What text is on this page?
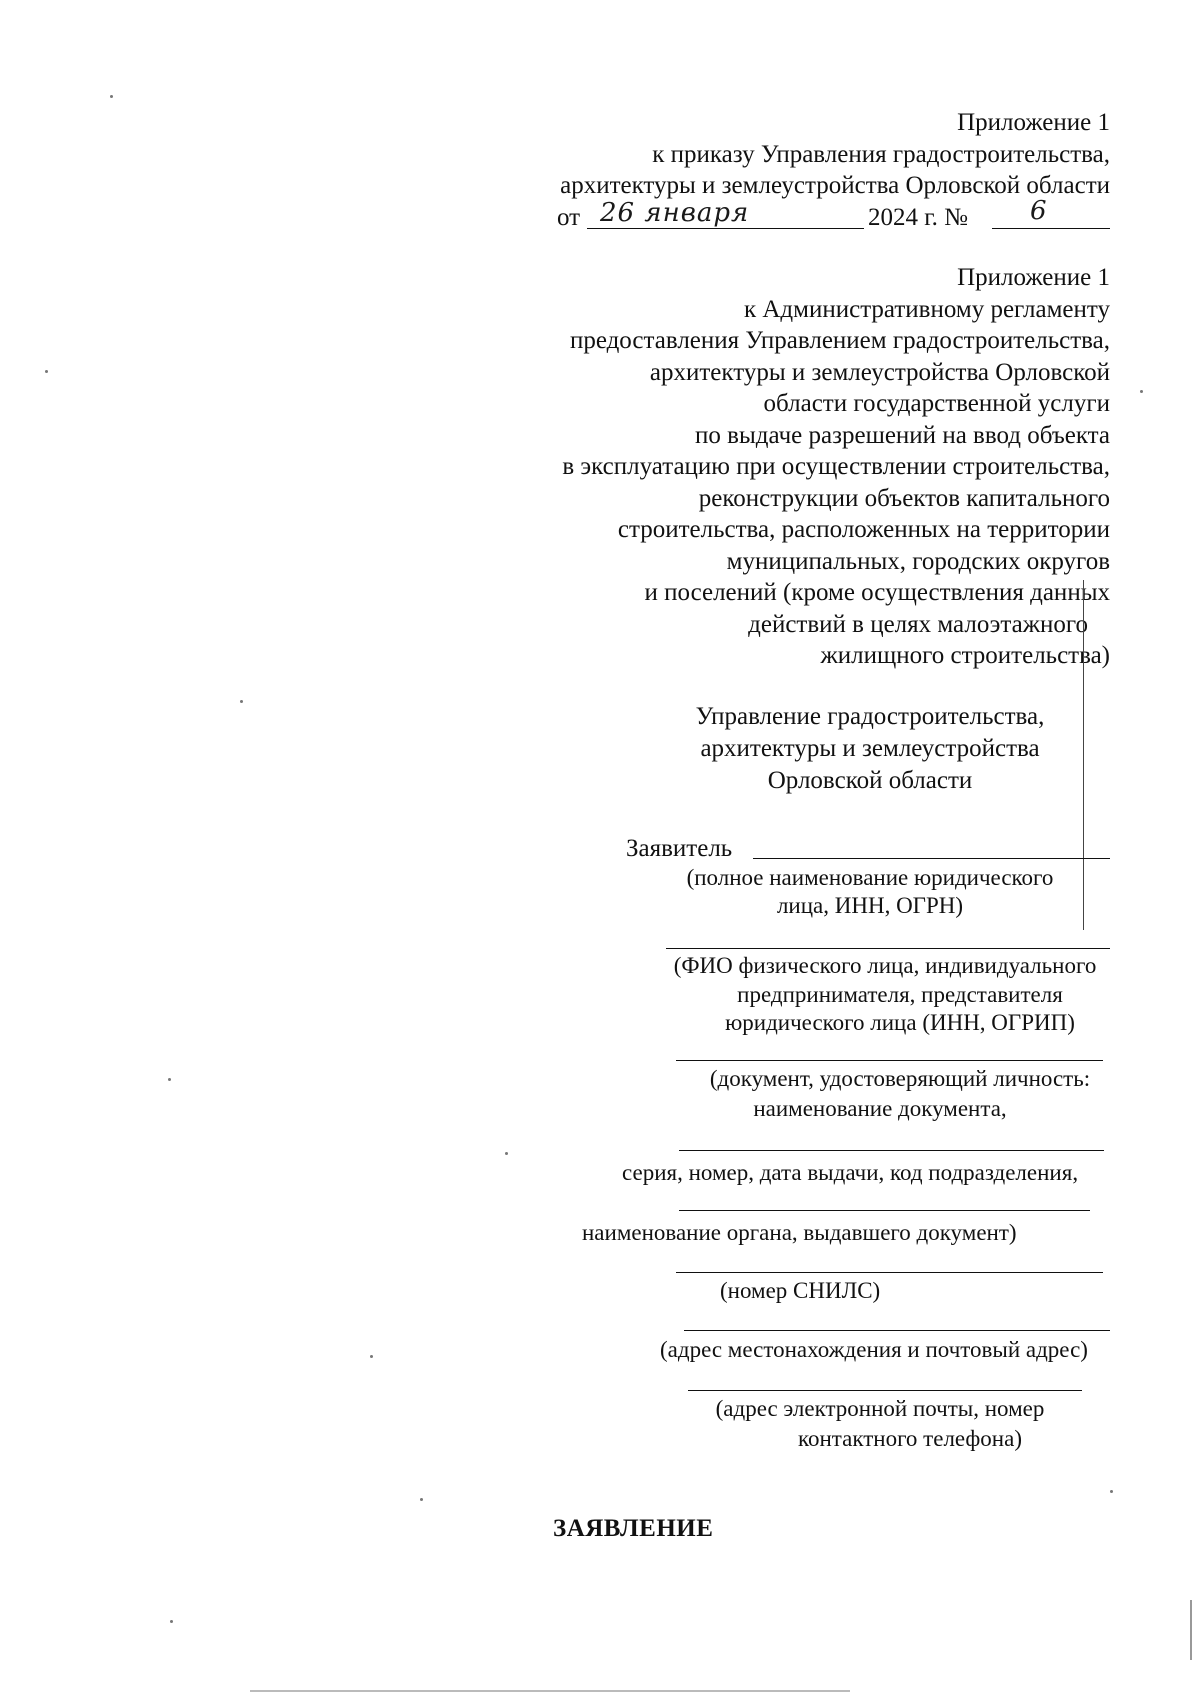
Приложение 1
к приказу Управления градостроительства,
архитектуры и землеустройства Орловской области
от 26 января	2024 г. № 6
Приложение 1
к Административному регламенту
предоставления Управлением градостроительства,
архитектуры и землеустройства Орловской
области государственной услуги
по выдаче разрешений на ввод объекта
в эксплуатацию при осуществлении строительства,
реконструкции объектов капитального
строительства, расположенных на территории
муниципальных, городских округов
и поселений (кроме осуществления данных
действий в целях малоэтажного
жилищного строительства)
Управление градостроительства,
архитектуры и землеустройства
Орловской области
Заявитель
(полное наименование юридического
лица, ИНН, ОГРН)
(ФИО физического лица, индивидуального
предпринимателя, представителя
юридического лица (ИНН, ОГРИП)
(документ, удостоверяющий личность:
наименование документа,
серия, номер, дата выдачи, код подразделения,
наименование органа, выдавшего документ)
(номер СНИЛС)
(адрес местонахождения и почтовый адрес)
(адрес электронной почты, номер
контактного телефона)
ЗАЯВЛЕНИЕ
